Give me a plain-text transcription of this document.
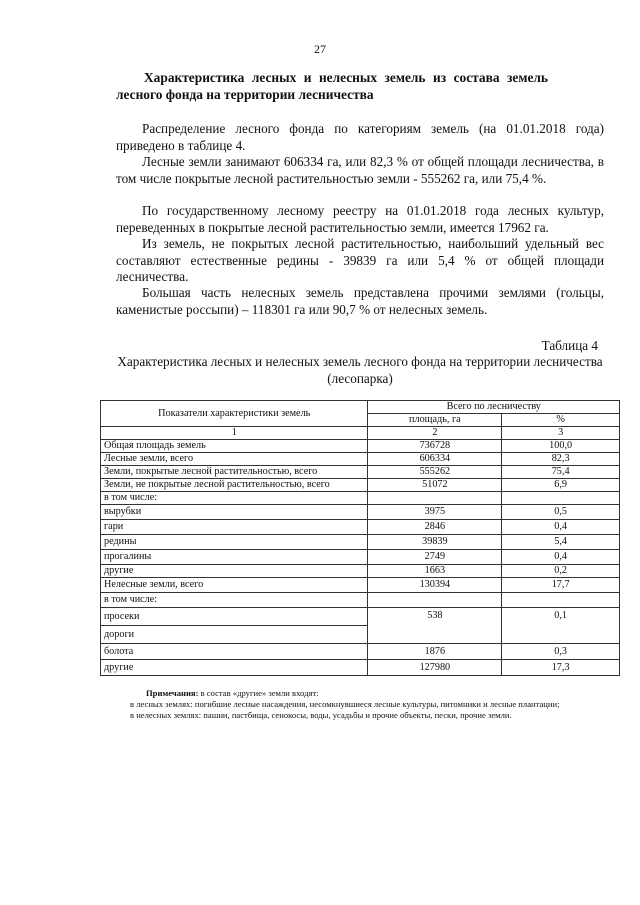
27
Характеристика лесных и нелесных земель из состава земель лесного фонда на территории лесничества
Распределение лесного фонда по категориям земель (на 01.01.2018 года) приведено в таблице 4.
Лесные земли занимают 606334 га, или 82,3 % от общей площади лесничества, в том числе покрытые лесной растительностью земли - 555262 га, или 75,4 %.
По государственному лесному реестру на 01.01.2018 года лесных культур, переведенных в покрытые лесной растительностью земли, имеется 17962 га.
Из земель, не покрытых лесной растительностью, наибольший удельный вес составляют естественные редины - 39839 га или 5,4 % от общей площади лесничества.
Большая часть нелесных земель представлена прочими землями (гольцы, каменистые россыпи) – 118301 га или 90,7 % от нелесных земель.
Таблица 4
Характеристика лесных и нелесных земель лесного фонда на территории лесничества (лесопарка)
Показатели характеристики земель	Всего по лесничеству	
	площадь, га	%
1	2	3
Общая площадь земель	736728	100,0
Лесные земли, всего	606334	82,3
Земли, покрытые лесной растительностью, всего	555262	75,4
Земли, не покрытые лесной растительностью, всего	51072	6,9
в том числе:		
вырубки	3975	0,5
гари	2846	0,4
редины	39839	5,4
прогалины	2749	0,4
другие	1663	0,2
Нелесные земли, всего	130394	17,7
в том числе:		
просеки	538	0,1
дороги		
болота	1876	0,3
другие	127980	17,3
Примечания: в состав «другие» земли входят:
в лесных землях: погибшие лесные насаждения, несомкнувшиеся лесные культуры, питомники и лесные плантации;
в нелесных землях: пашни, пастбища, сенокосы, воды, усадьбы и прочие объекты, пески, прочие земли.
